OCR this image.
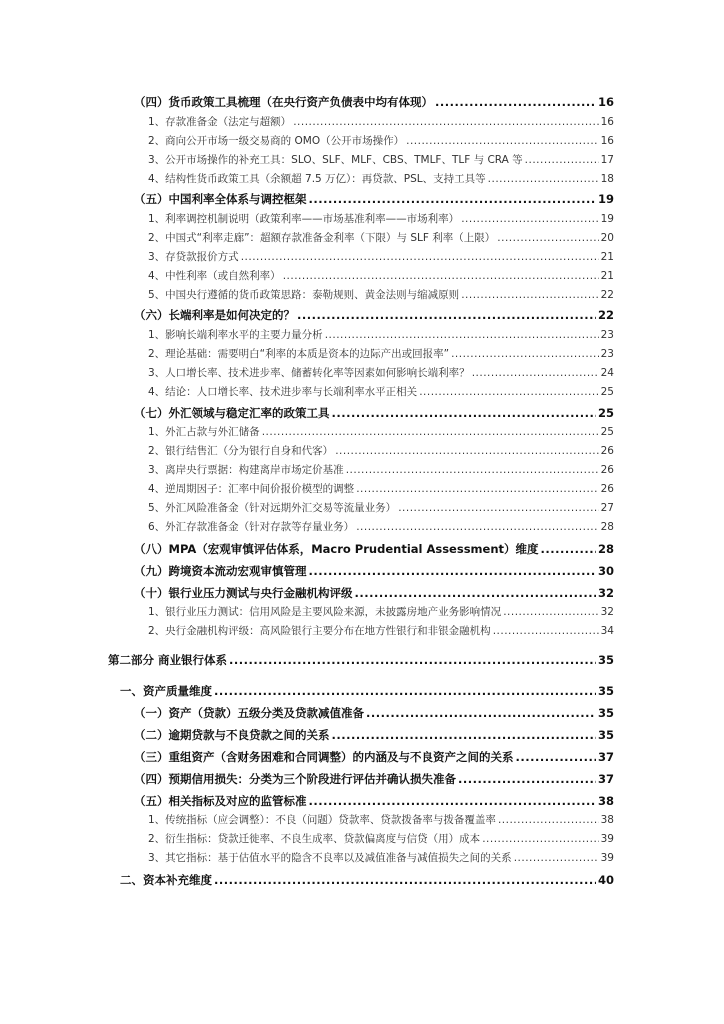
（四）货币政策工具梳理（在央行资产负债表中均有体现） .....	16
1、存款准备金（法定与超额） .....	16
2、商向公开市场一级交易商的 OMO（公开市场操作） .....	16
3、公开市场操作的补充工具：SLO、SLF、MLF、CBS、TMLF、TLF 与 CRA 等 .....	17
4、结构性货币政策工具（余额超 7.5 万亿）：再贷款、PSL、支持工具等 .....	18
（五）中国利率全体系与调控框架 .....	19
1、利率调控机制说明（政策利率——市场基准利率——市场利率） .....	19
2、中国式“利率走廊”：超额存款准备金利率（下限）与 SLF 利率（上限） .....	20
3、存贷款报价方式 .....	21
4、中性利率（或自然利率） .....	21
5、中国央行遵循的货币政策思路：泰勒规则、黄金法则与缩减原则 .....	22
（六）长端利率是如何决定的？ .....	22
1、影响长端利率水平的主要力量分析 .....	23
2、理论基础：需要明白“利率的本质是资本的边际产出或回报率” .....	23
3、人口增长率、技术进步率、储蓄转化率等因素如何影响长端利率？ .....	24
4、结论：人口增长率、技术进步率与长端利率水平正相关 .....	25
（七）外汇领域与稳定汇率的政策工具 .....	25
1、外汇占款与外汇储备 .....	25
2、银行结售汇（分为银行自身和代客） .....	26
3、离岸央行票据：构建离岸市场定价基准 .....	26
4、逆周期因子：汇率中间价报价模型的调整 .....	26
5、外汇风险准备金（针对远期外汇交易等流量业务） .....	27
6、外汇存款准备金（针对存款等存量业务） .....	28
（八）MPA（宏观审慎评估体系，Macro Prudential Assessment）维度 .....	28
（九）跨境资本流动宏观审慎管理 .....	30
（十）银行业压力测试与央行金融机构评级 .....	32
1、银行业压力测试：信用风险是主要风险来源，未披露房地产业务影响情况 .....	32
2、央行金融机构评级：高风险银行主要分布在地方性银行和非银金融机构 .....	34
第二部分 商业银行体系 .....	35
一、资产质量维度 .....	35
（一）资产（贷款）五级分类及贷款减值准备 .....	35
（二）逾期贷款与不良贷款之间的关系 .....	35
（三）重组资产（含财务困难和合同调整）的内涵及与不良资产之间的关系 .....	37
（四）预期信用损失：分类为三个阶段进行评估并确认损失准备 .....	37
（五）相关指标及对应的监管标准 .....	38
1、传统指标（应会调整）：不良（问题）贷款率、贷款拨备率与拨备覆盖率 .....	38
2、衍生指标：贷款迁徙率、不良生成率、贷款偏离度与信贷（用）成本 .....	39
3、其它指标：基于估值水平的隐含不良率以及减值准备与减值损失之间的关系 .....	39
二、资本补充维度 .....	40
